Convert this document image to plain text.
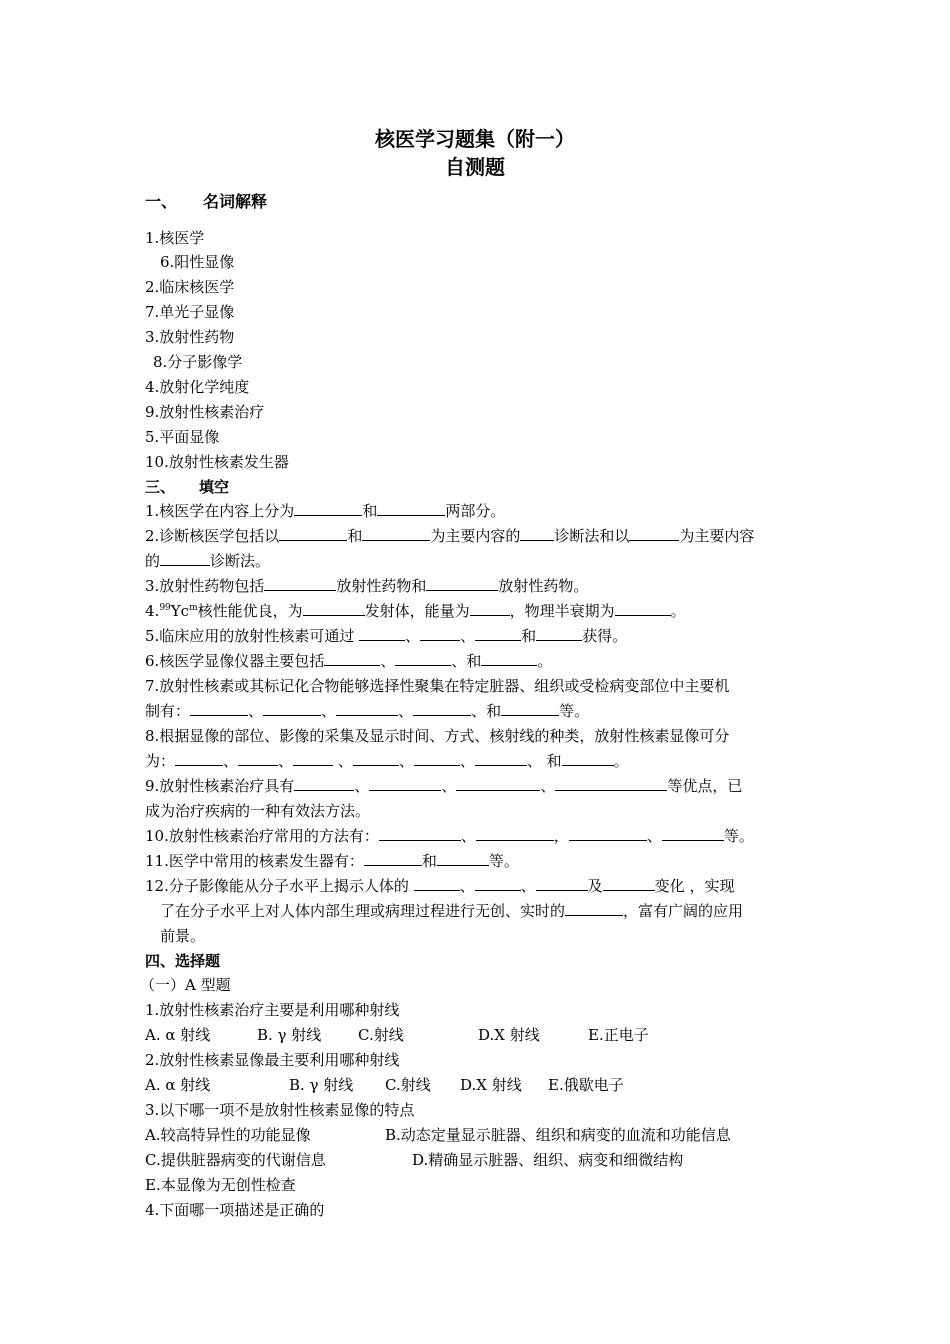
核医学习题集（附一）
自测题
一、 名词解释
1.核医学
6.阳性显像
2.临床核医学
7.单光子显像
3.放射性药物
8.分子影像学
4.放射化学纯度
9.放射性核素治疗
5.平面显像
10.放射性核素发生器
三、 填空
1.核医学在内容上分为	和	两部分。
2.诊断核医学包括以	和	为主要内容的 诊断法和以	为主要内容
的	诊断法。
3.放射性药物包括	放射性药物和	放射性药物。
4.99Yc$^m$核性能优良，为	发射体，能量为	，物理半衰期为	。
5.临床应用的放射性核素可通过	、	、	和	获得。
6.核医学显像仪器主要包括	、	、和	。
7.放射性核素或其标记化合物能够选择性聚集在特定脏器、组织或受检病变部位中主要机
制有：	、	、	、	、和	等。
8.根据显像的部位、影像的采集及显示时间、方式、核射线的种类，放射性核素显像可分
为：	、	、	、	、	、	、 和	。
9.放射性核素治疗具有	、	、	、	等优点，已
成为治疗疾病的一种有效法方法。
10.放射性核素治疗常用的方法有：	、	，	、	等。
11.医学中常用的核素发生器有：	和	等。
12.分子影像能从分子水平上揭示人体的	、	、	及	变化 ，实现
了在分子水平上对人体内部生理或病理过程进行无创、实时的	，富有广阔的应用
前景。
四、选择题
（一）A 型题
1.放射性核素治疗主要是利用哪种射线
A. α 射线	B. γ 射线 C.射线	D.X 射线	E.正电子
2.放射性核素显像最主要利用哪种射线
A. α 射线	B. γ 射线 C.射线 D.X 射线 E.俄歇电子
3.以下哪一项不是放射性核素显像的特点
A.较高特异性的功能显像	B.动态定量显示脏器、组织和病变的血流和功能信息
C.提供脏器病变的代谢信息	D.精确显示脏器、组织、病变和细微结构
E.本显像为无创性检查
4.下面哪一项描述是正确的
